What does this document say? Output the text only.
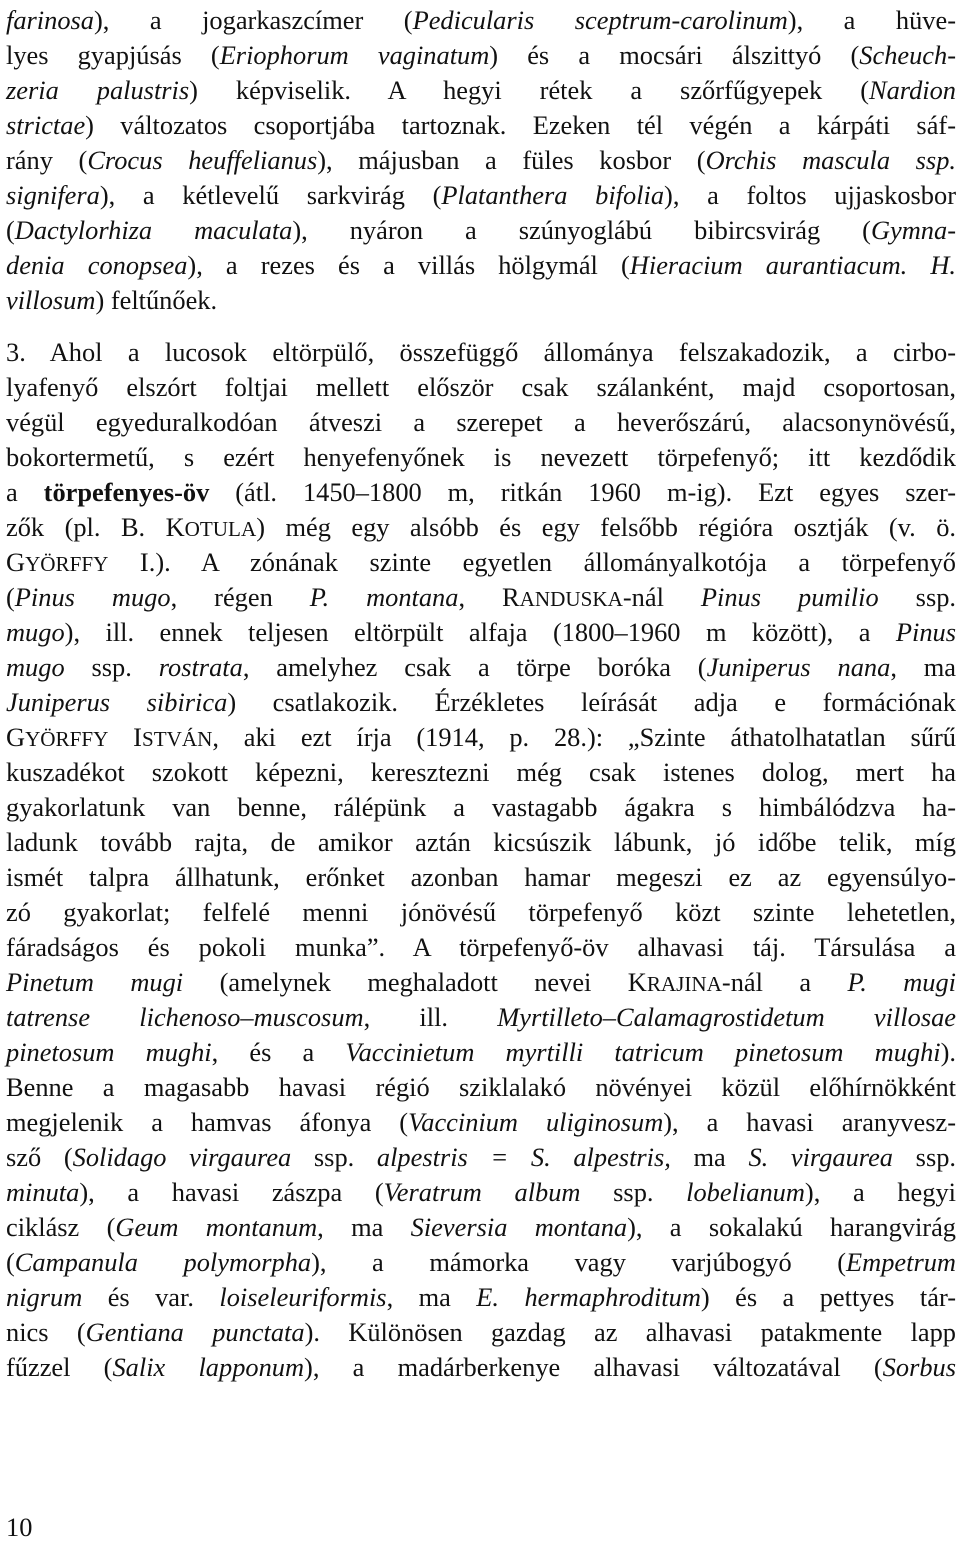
farinosa), a jogarkaszcímer (Pedicularis sceptrum-carolinum), a hüve-
lyes gyapjúsás (Eriophorum vaginatum) és a mocsári álszittyó (Scheuch-
zeria palustris) képviselik. A hegyi rétek a szőrfűgyepek (Nardion
strictae) változatos csoportjába tartoznak. Ezeken tél végén a kárpáti sáf-
rány (Crocus heuffelianus), májusban a füles kosbor (Orchis mascula ssp.
signifera), a kétlevelű sarkvirág (Platanthera bifolia), a foltos ujjaskosbor
(Dactylorhiza maculata), nyáron a szúnyoglábú bibircsvirág (Gymna-
denia conopsea), a rezes és a villás hölgymál (Hieracium aurantiacum. H.
villosum) feltűnőek.
3. Ahol a lucosok eltörpülő, összefüggő állománya felszakadozik, a cirbo-
lyafenyő elszórt foltjai mellett először csak szálanként, majd csoportosan,
végül egyeduralkodóan átveszi a szerepet a heverőszárú, alacsonynövésű,
bokortermetű, s ezért henyefenyőnek is nevezett törpefenyő; itt kezdődik
a törpefenyes-öv (átl. 1450–1800 m, ritkán 1960 m-ig). Ezt egyes szer-
zők (pl. B. KOTULA) még egy alsóbb és egy felsőbb régióra osztják (v. ö.
GYÖRFFY I.). A zónának szinte egyetlen állományalkotója a törpefenyő
(Pinus mugo, régen P. montana, RANDUSKA-nál Pinus pumilio ssp.
mugo), ill. ennek teljesen eltörpült alfaja (1800–1960 m között), a Pinus
mugo ssp. rostrata, amelyhez csak a törpe boróka (Juniperus nana, ma
Juniperus sibirica) csatlakozik. Érzékletes leírását adja e formációnak
GYÖRFFY ISTVÁN, aki ezt írja (1914, p. 28.): „Szinte áthatolhatatlan sűrű
kuszadékot szokott képezni, keresztezni még csak istenes dolog, mert ha
gyakorlatunk van benne, rálépünk a vastagabb ágakra s himbálódzva ha-
ladunk tovább rajta, de amikor aztán kicsúszik lábunk, jó időbe telik, míg
ismét talpra állhatunk, erőnket azonban hamar megeszi ez az egyensúlyo-
zó gyakorlat; felfelé menni jónövésű törpefenyő közt szinte lehetetlen,
fáradságos és pokoli munka”. A törpefenyő-öv alhavasi táj. Társulása a
Pinetum mugi (amelynek meghaladott nevei KRAJINA-nál a P. mugi
tatrense lichenoso–muscosum, ill. Myrtilleto–Calamagrostidetum villosae
pinetosum mughi, és a Vaccinietum myrtilli tatricum pinetosum mughi).
Benne a magasabb havasi régió sziklalakó növényei közül előhírnökként
megjelenik a hamvas áfonya (Vaccinium uliginosum), a havasi aranyvesz-
sző (Solidago virgaurea ssp. alpestris = S. alpestris, ma S. virgaurea ssp.
minuta), a havasi zászpa (Veratrum album ssp. lobelianum), a hegyi
ciklász (Geum montanum, ma Sieversia montana), a sokalakú harangvirág
(Campanula polymorpha), a mámorka vagy varjúbogyó (Empetrum
nigrum és var. loiseleuriformis, ma E. hermaphroditum) és a pettyes tár-
nics (Gentiana punctata). Különösen gazdag az alhavasi patakmente lapp
fűzzel (Salix lapponum), a madárberkenye alhavasi változatával (Sorbus
10
